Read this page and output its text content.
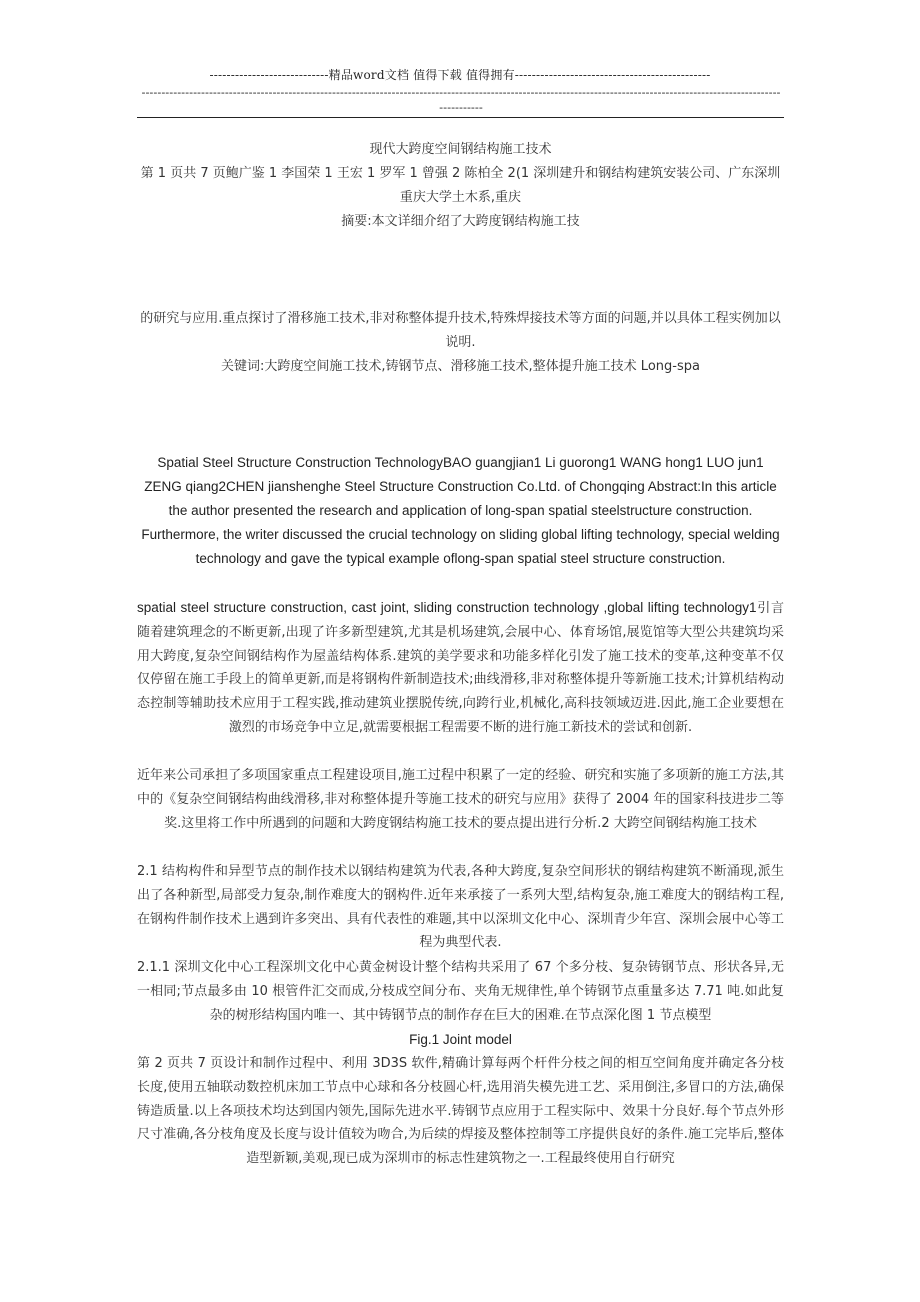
----------------------------精品word文档 值得下载 值得拥有----------------------------------------------
----------------------------------------------------------------------------------------------------------------------------------------------------------------------------

现代大跨度空间钢结构施工技术

第 1 页共 7 页鲍广鉴 1 李国荣 1 王宏 1 罗军 1 曾强 2 陈柏全 2(1 深圳建升和钢结构建筑安装公司、广东深圳重庆大学土木系,重庆

摘要:本文详细介绍了大跨度钢结构施工技

的研究与应用.重点探讨了滑移施工技术,非对称整体提升技术,特殊焊接技术等方面的问题,并以具体工程实例加以说明.

关键词:大跨度空间施工技术,铸钢节点、滑移施工技术,整体提升施工技术 Long-spa

Spatial Steel Structure Construction TechnologyBAO guangjian1 Li guorong1 WANG hong1 LUO jun1 ZENG qiang2CHEN jianshenghe Steel Structure Construction Co.Ltd. of Chongqing Abstract:In this article the author presented the research and application of long-span spatial steelstructure construction. Furthermore, the writer discussed the crucial technology on sliding global lifting technology, special welding technology and gave the typical example oflong-span spatial steel structure construction.

spatial steel structure construction, cast joint, sliding construction technology ,global lifting technology1引言随着建筑理念的不断更新,出现了许多新型建筑,尤其是机场建筑,会展中心、体育场馆,展览馆等大型公共建筑均采用大跨度,复杂空间钢结构作为屋盖结构体系.建筑的美学要求和功能多样化引发了施工技术的变革,这种变革不仅仅停留在施工手段上的简单更新,而是将钢构件新制造技术;曲线滑移,非对称整体提升等新施工技术;计算机结构动态控制等辅助技术应用于工程实践,推动建筑业摆脱传统,向跨行业,机械化,高科技领域迈进.因此,施工企业要想在激烈的市场竞争中立足,就需要根据工程需要不断的进行施工新技术的尝试和创新.

近年来公司承担了多项国家重点工程建设项目,施工过程中积累了一定的经验、研究和实施了多项新的施工方法,其中的《复杂空间钢结构曲线滑移,非对称整体提升等施工技术的研究与应用》获得了 2004 年的国家科技进步二等奖.这里将工作中所遇到的问题和大跨度钢结构施工技术的要点提出进行分析.2 大跨空间钢结构施工技术

2.1 结构构件和异型节点的制作技术以钢结构建筑为代表,各种大跨度,复杂空间形状的钢结构建筑不断涌现,派生出了各种新型,局部受力复杂,制作难度大的钢构件.近年来承接了一系列大型,结构复杂,施工难度大的钢结构工程,在钢构件制作技术上遇到许多突出、具有代表性的难题,其中以深圳文化中心、深圳青少年宫、深圳会展中心等工程为典型代表.

2.1.1 深圳文化中心工程深圳文化中心黄金树设计整个结构共采用了 67 个多分枝、复杂铸钢节点、形状各异,无一相同;节点最多由 10 根管件汇交而成,分枝成空间分布、夹角无规律性,单个铸钢节点重量多达 7.71 吨.如此复杂的树形结构国内唯一、其中铸钢节点的制作存在巨大的困难.在节点深化图 1 节点模型

Fig.1 Joint model

第 2 页共 7 页设计和制作过程中、利用 3D3S 软件,精确计算每两个杆件分枝之间的相互空间角度并确定各分枝长度,使用五轴联动数控机床加工节点中心球和各分枝圆心杆,选用消失模先进工艺、采用倒注,多冒口的方法,确保铸造质量.以上各项技术均达到国内领先,国际先进水平.铸钢节点应用于工程实际中、效果十分良好.每个节点外形尺寸准确,各分枝角度及长度与设计值较为吻合,为后续的焊接及整体控制等工序提供良好的条件.施工完毕后,整体造型新颖,美观,现已成为深圳市的标志性建筑物之一.工程最终使用自行研究
